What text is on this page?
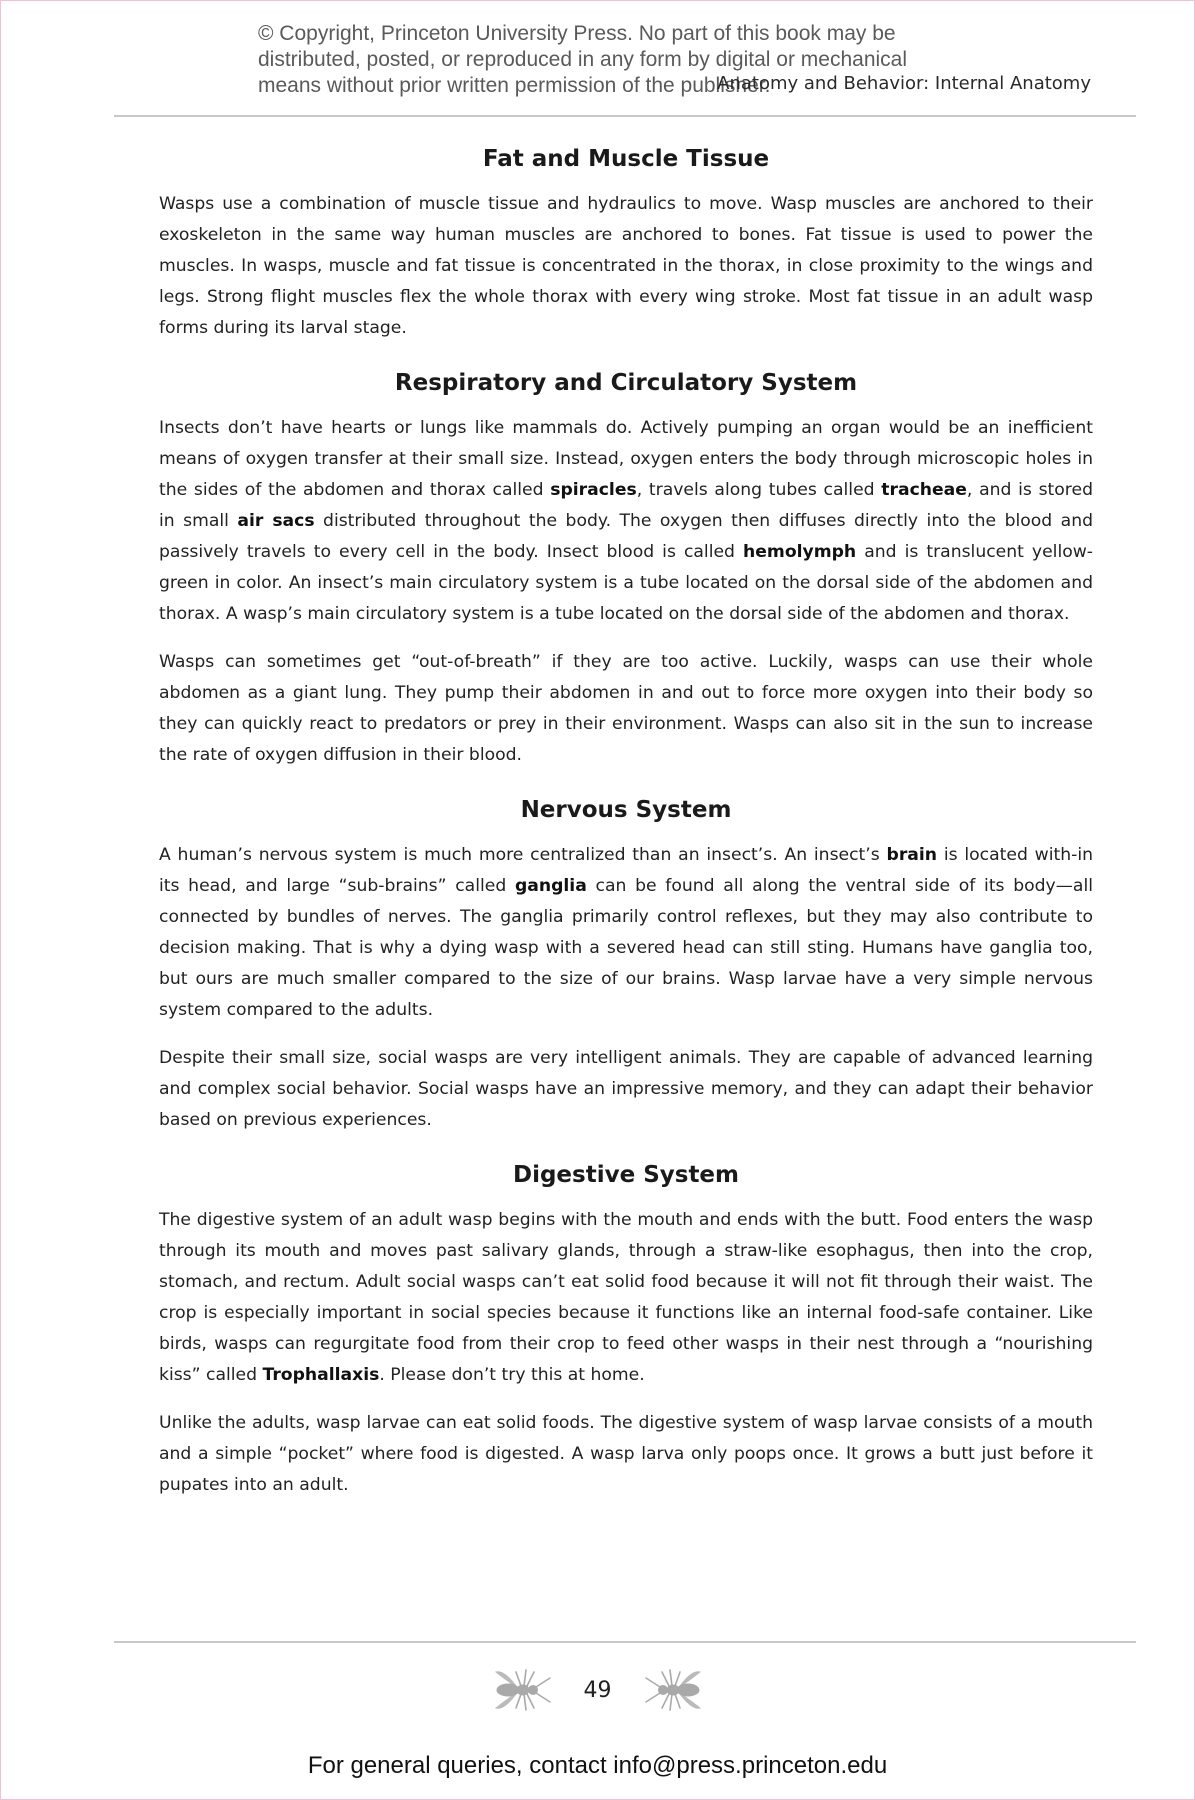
© Copyright, Princeton University Press. No part of this book may be
distributed, posted, or reproduced in any form by digital or mechanical
means without prior written permission of the publisher.
Anatomy and Behavior: Internal Anatomy
Fat and Muscle Tissue

Wasps use a combination of muscle tissue and hydraulics to move. Wasp muscles are anchored to their exoskeleton in the same way human muscles are anchored to bones. Fat tissue is used to power the muscles. In wasps, muscle and fat tissue is concentrated in the thorax, in close proximity to the wings and legs. Strong flight muscles flex the whole thorax with every wing stroke. Most fat tissue in an adult wasp forms during its larval stage.

Respiratory and Circulatory System

Insects don’t have hearts or lungs like mammals do. Actively pumping an organ would be an inefficient means of oxygen transfer at their small size. Instead, oxygen enters the body through microscopic holes in the sides of the abdomen and thorax called spiracles, travels along tubes called tracheae, and is stored in small air sacs distributed throughout the body. The oxygen then diffuses directly into the blood and passively travels to every cell in the body. Insect blood is called hemolymph and is translucent yellow-green in color. An insect’s main circulatory system is a tube located on the dorsal side of the abdomen and thorax. A wasp’s main circulatory system is a tube located on the dorsal side of the abdomen and thorax.

Wasps can sometimes get “out-of-breath” if they are too active. Luckily, wasps can use their whole abdomen as a giant lung. They pump their abdomen in and out to force more oxygen into their body so they can quickly react to predators or prey in their environment. Wasps can also sit in the sun to increase the rate of oxygen diffusion in their blood.

Nervous System

A human’s nervous system is much more centralized than an insect’s. An insect’s brain is located with-in its head, and large “sub-brains” called ganglia can be found all along the ventral side of its body—all connected by bundles of nerves. The ganglia primarily control reflexes, but they may also contribute to decision making. That is why a dying wasp with a severed head can still sting. Humans have ganglia too, but ours are much smaller compared to the size of our brains. Wasp larvae have a very simple nervous system compared to the adults.

Despite their small size, social wasps are very intelligent animals. They are capable of advanced learning and complex social behavior. Social wasps have an impressive memory, and they can adapt their behavior based on previous experiences.

Digestive System

The digestive system of an adult wasp begins with the mouth and ends with the butt. Food enters the wasp through its mouth and moves past salivary glands, through a straw-like esophagus, then into the crop, stomach, and rectum. Adult social wasps can’t eat solid food because it will not fit through their waist. The crop is especially important in social species because it functions like an internal food-safe container. Like birds, wasps can regurgitate food from their crop to feed other wasps in their nest through a “nourishing kiss” called Trophallaxis. Please don’t try this at home.

Unlike the adults, wasp larvae can eat solid foods. The digestive system of wasp larvae consists of a mouth and a simple “pocket” where food is digested. A wasp larva only poops once. It grows a butt just before it pupates into an adult.

49
For general queries, contact info@press.princeton.edu
